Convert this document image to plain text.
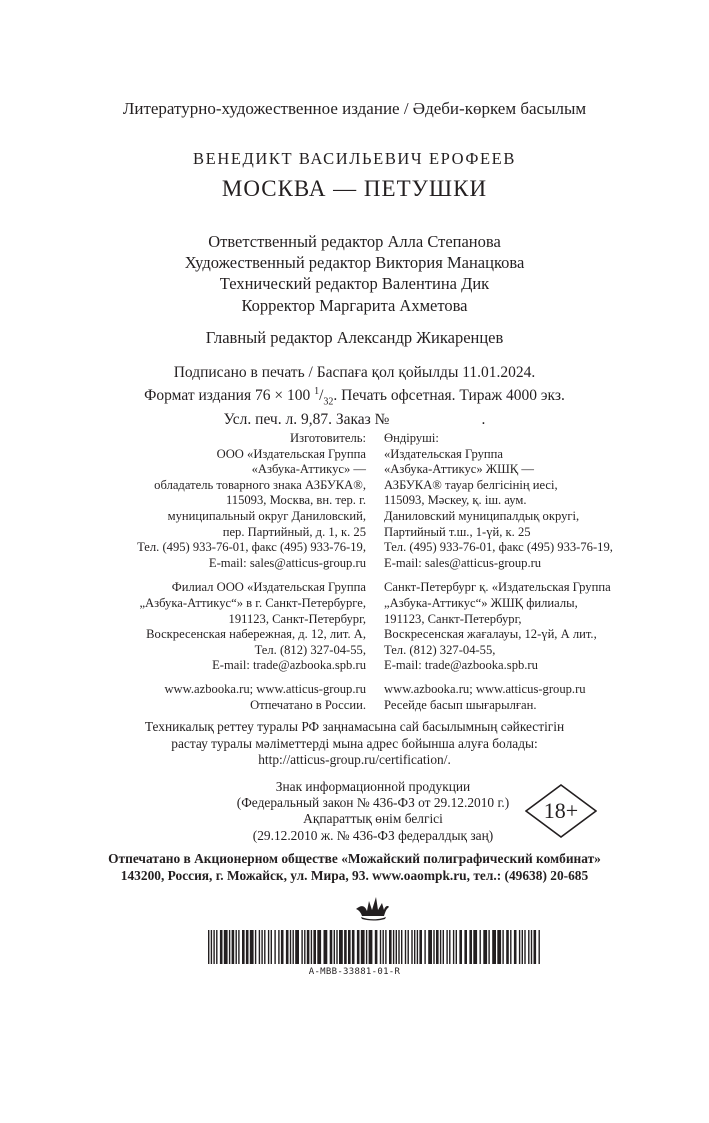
Литературно-художественное издание / Әдеби-көркем басылым
ВЕНЕДИКТ ВАСИЛЬЕВИЧ ЕРОФЕЕВ
МОСКВА — ПЕТУШКИ
Ответственный редактор Алла Степанова
Художественный редактор Виктория Манацкова
Технический редактор Валентина Дик
Корректор Маргарита Ахметова
Главный редактор Александр Жикаренцев
Подписано в печать / Баспаға қол қойылды 11.01.2024.
Формат издания 76 × 100 $^1/_{32}$. Печать офсетная. Тираж 4000 экз.
Усл. печ. л. 9,87. Заказ №	.
Изготовитель:
ООО «Издательская Группа
«Азбука-Аттикус» —
обладатель товарного знака АЗБУКА®,
115093, Москва, вн. тер. г.
муниципальный округ Даниловский,
пер. Партийный, д. 1, к. 25
Тел. (495) 933-76-01, факс (495) 933-76-19,
E-mail: sales@atticus-group.ru
Филиал ООО «Издательская Группа
„Азбука-Аттикус“» в г. Санкт-Петербурге,
191123, Санкт-Петербург,
Воскресенская набережная, д. 12, лит. А,
Тел. (812) 327-04-55,
E-mail: trade@azbooka.spb.ru
www.azbooka.ru; www.atticus-group.ru
Отпечатано в России.
Өндіруші:
«Издательская Группа
«Азбука-Аттикус» ЖШҚ —
АЗБУКА® тауар белгісінің иесі,
115093, Мәскеу, қ. іш. аум.
Даниловский муниципалдық округі,
Партийный т.ш., 1-үй, к. 25
Тел. (495) 933-76-01, факс (495) 933-76-19,
E-mail: sales@atticus-group.ru
Санкт-Петербург қ. «Издательская Группа
„Азбука-Аттикус“» ЖШҚ филиалы,
191123, Санкт-Петербург,
Воскресенская жағалауы, 12-үй, А лит.,
Тел. (812) 327-04-55,
E-mail: trade@azbooka.spb.ru
www.azbooka.ru; www.atticus-group.ru
Ресейде басып шығарылған.
Техникалық реттеу туралы РФ заңнамасына сай басылымның сәйкестігін
растау туралы мәліметтерді мына адрес бойынша алуға болады:
http://atticus-group.ru/certification/.
Знак информационной продукции
(Федеральный закон № 436-ФЗ от 29.12.2010 г.)
Ақпараттық өнім белгісі
(29.12.2010 ж. № 436-ФЗ федералдық заң)
18+
Отпечатано в Акционерном обществе «Можайский полиграфический комбинат»
143200, Россия, г. Можайск, ул. Мира, 93. www.oaompk.ru, тел.: (49638) 20-685
A-MBB-33881-01-R
